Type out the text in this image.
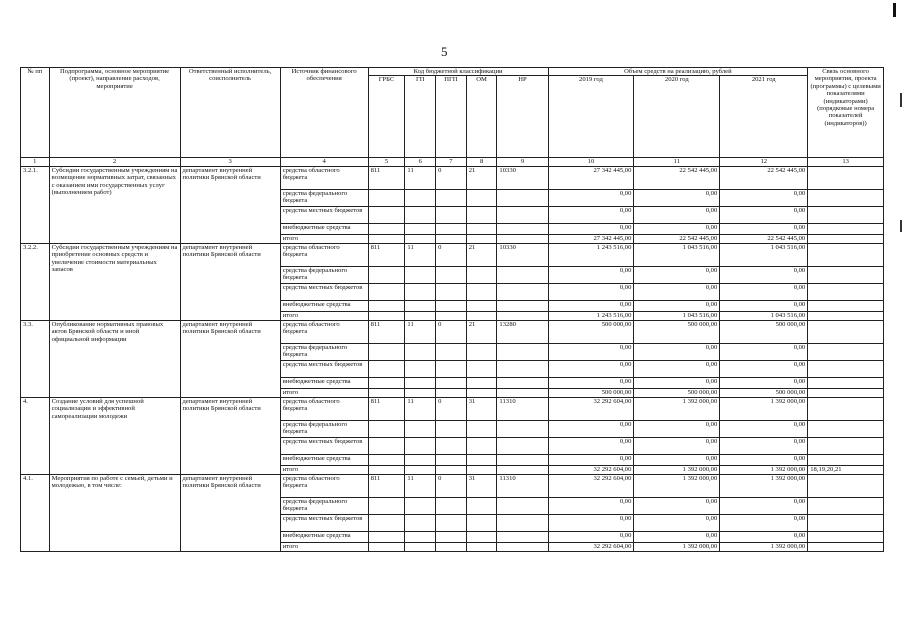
5
№ пп	Подпрограмма, основное мероприятие (проект), направление расходов, мероприятие	Ответственный исполнитель, соисполнитель	Источник финансового обеспечения	Код бюджетной классификации					Объем средств на реализацию, рублей			Связь основного мероприятия, проекта (программы) с целевыми показателями (индикаторами) (порядковые номера показателей (индикаторов))
				ГРБС	ГП	ПГП	ОМ	НР	2019 год	2020 год	2021 год	
1	2	3	4	5	6	7	8	9	10	11	12	13
3.2.1.	Субсидии государственным учреждениям на возмещение нормативных затрат, связанных с оказанием ими государственных услуг (выполнением работ)	департамент внутренней политики Брянской области	средства областного бюджета	811	11	0	21	10330	27 342 445,00	22 542 445,00	22 542 445,00	
			средства федерального бюджета						0,00	0,00	0,00	
			средства местных бюджетов						0,00	0,00	0,00	
			внебюджетные средства						0,00	0,00	0,00	
			итого						27 342 445,00	22 542 445,00	22 542 445,00	
3.2.2.	Субсидии государственным учреждениям на приобретение основных средств и увеличение стоимости материальных запасов	департамент внутренней политики Брянской области	средства областного бюджета	811	11	0	21	10330	1 243 516,00	1 043 516,00	1 043 516,00	
			средства федерального бюджета						0,00	0,00	0,00	
			средства местных бюджетов						0,00	0,00	0,00	
			внебюджетные средства						0,00	0,00	0,00	
			итого						1 243 516,00	1 043 516,00	1 043 516,00	
3.3.	Опубликование нормативных правовых актов Брянской области и иной официальной информации	департамент внутренней политики Брянской области	средства областного бюджета	811	11	0	21	13280	500 000,00	500 000,00	500 000,00	
			средства федерального бюджета						0,00	0,00	0,00	
			средства местных бюджетов						0,00	0,00	0,00	
			внебюджетные средства						0,00	0,00	0,00	
			итого						500 000,00	500 000,00	500 000,00	
4.	Создание условий для успешной социализации и эффективной самореализации молодежи	департамент внутренней политики Брянской области	средства областного бюджета	811	11	0	31	11310	32 292 604,00	1 392 000,00	1 392 000,00	
			средства федерального бюджета						0,00	0,00	0,00	
			средства местных бюджетов						0,00	0,00	0,00	
			внебюджетные средства						0,00	0,00	0,00	
			итого						32 292 604,00	1 392 000,00	1 392 000,00	18,19,20,21
4.1.	Мероприятия по работе с семьей, детьми и молодежью, в том числе:	департамент внутренней политики Брянской области	средства областного бюджета	811	11	0	31	11310	32 292 604,00	1 392 000,00	1 392 000,00	
			средства федерального бюджета						0,00	0,00	0,00	
			средства местных бюджетов						0,00	0,00	0,00	
			внебюджетные средства						0,00	0,00	0,00	
			итого						32 292 604,00	1 392 000,00	1 392 000,00	
